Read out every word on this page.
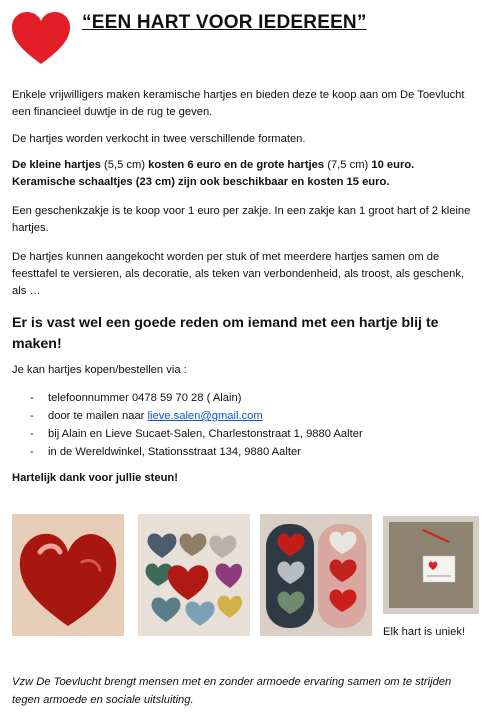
“EEN HART VOOR IEDEREEN”

Enkele vrijwilligers maken keramische hartjes en bieden deze te koop aan om De Toevlucht een financieel duwtje in de rug te geven.

De hartjes worden verkocht in twee verschillende formaten.

De kleine hartjes (5,5 cm) kosten 6 euro en de grote hartjes (7,5 cm) 10 euro.
Keramische schaaltjes (23 cm) zijn ook beschikbaar en kosten 15 euro.

Een geschenkzakje is te koop voor 1 euro per zakje. In een zakje kan 1 groot hart of 2 kleine hartjes.

De hartjes kunnen aangekocht worden per stuk of met meerdere hartjes samen om de feesttafel te versieren, als decoratie, als teken van verbondenheid, als troost, als geschenk, als …

Er is vast wel een goede reden om iemand met een hartje blij te maken!

Je kan hartjes kopen/bestellen via :

- telefoonnummer 0478 59 70 28 ( Alain)
- door te mailen naar lieve.salen@gmail.com
- bij Alain en Lieve Sucaet-Salen, Charlestonstraat 1, 9880 Aalter
- in de Wereldwinkel, Stationsstraat 134, 9880 Aalter

Hartelijk dank voor jullie steun!

Elk hart is uniek!

Vzw De Toevlucht brengt mensen met en zonder armoede ervaring samen om te strijden tegen armoede en sociale uitsluiting.
